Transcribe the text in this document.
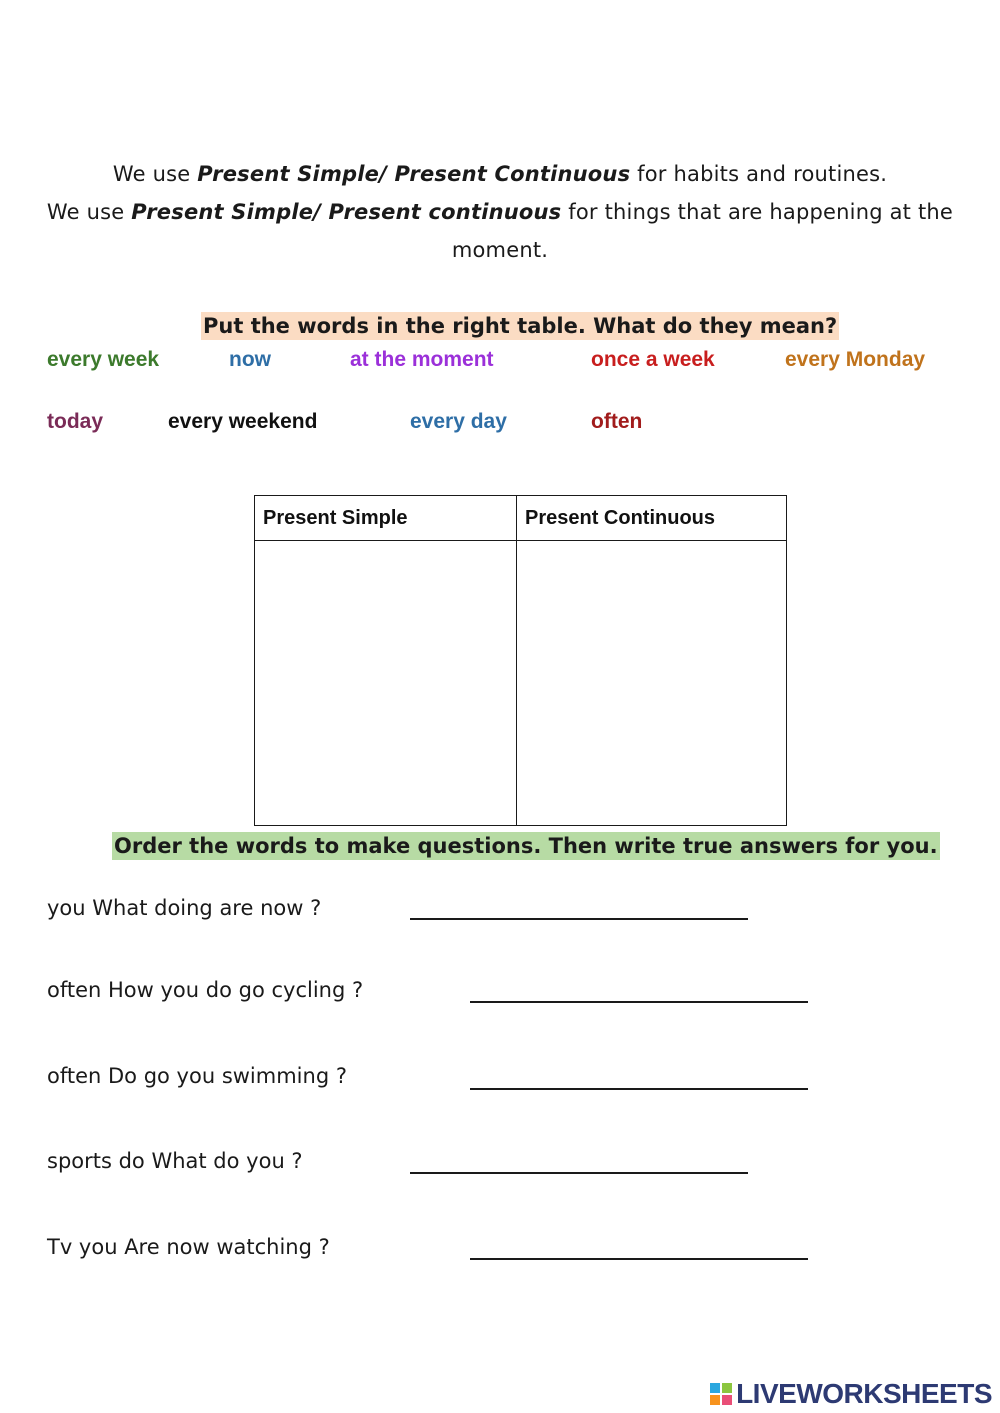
We use Present Simple/ Present Continuous for habits and routines.
We use Present Simple/ Present continuous for things that are happening at the
moment.
Put the words in the right table. What do they mean?
every week	now	at the moment	once a week	every Monday
today	every weekend	every day	often
Present Simple	Present Continuous

Order the words to make questions. Then write true answers for you.
you What doing are now ?
often How you do go cycling ?
often Do go you swimming ?
sports do What do you ?
Tv you Are now watching ?
LIVEWORKSHEETS
